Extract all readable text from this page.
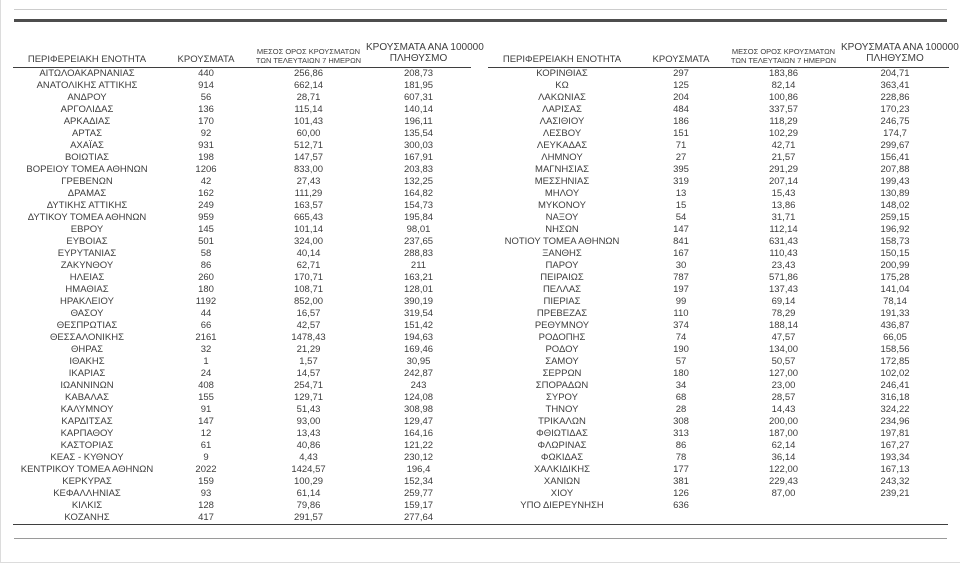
ΠΕΡΙΦΕΡΕΙΑΚΗ ΕΝΟΤΗΤΑ	ΚΡΟΥΣΜΑΤΑ	ΜΕΣΟΣ ΟΡΟΣ ΚΡΟΥΣΜΑΤΩΝ
ΤΩΝ ΤΕΛΕΥΤΑΙΩΝ 7 ΗΜΕΡΩΝ	ΚΡΟΥΣΜΑΤΑ ΑΝΑ 100000
ΠΛΗΘΥΣΜΟ

ΑΙΤΩΛΟΑΚΑΡΝΑΝΙΑΣ	440	256,86	208,73
ΑΝΑΤΟΛΙΚΗΣ ΑΤΤΙΚΗΣ	914	662,14	181,95
ΑΝΔΡΟΥ	56	28,71	607,31
ΑΡΓΟΛΙΔΑΣ	136	115,14	140,14
ΑΡΚΑΔΙΑΣ	170	101,43	196,11
ΑΡΤΑΣ	92	60,00	135,54
ΑΧΑΪΑΣ	931	512,71	300,03
ΒΟΙΩΤΙΑΣ	198	147,57	167,91
ΒΟΡΕΙΟΥ ΤΟΜΕΑ ΑΘΗΝΩΝ	1206	833,00	203,83
ΓΡΕΒΕΝΩΝ	42	27,43	132,25
ΔΡΑΜΑΣ	162	111,29	164,82
ΔΥΤΙΚΗΣ ΑΤΤΙΚΗΣ	249	163,57	154,73
ΔΥΤΙΚΟΥ ΤΟΜΕΑ ΑΘΗΝΩΝ	959	665,43	195,84
ΕΒΡΟΥ	145	101,14	98,01
ΕΥΒΟΙΑΣ	501	324,00	237,65
ΕΥΡΥΤΑΝΙΑΣ	58	40,14	288,83
ΖΑΚΥΝΘΟΥ	86	62,71	211
ΗΛΕΙΑΣ	260	170,71	163,21
ΗΜΑΘΙΑΣ	180	108,71	128,01
ΗΡΑΚΛΕΙΟΥ	1192	852,00	390,19
ΘΑΣΟΥ	44	16,57	319,54
ΘΕΣΠΡΩΤΙΑΣ	66	42,57	151,42
ΘΕΣΣΑΛΟΝΙΚΗΣ	2161	1478,43	194,63
ΘΗΡΑΣ	32	21,29	169,46
ΙΘΑΚΗΣ	1	1,57	30,95
ΙΚΑΡΙΑΣ	24	14,57	242,87
ΙΩΑΝΝΙΝΩΝ	408	254,71	243
ΚΑΒΑΛΑΣ	155	129,71	124,08
ΚΑΛΥΜΝΟΥ	91	51,43	308,98
ΚΑΡΔΙΤΣΑΣ	147	93,00	129,47
ΚΑΡΠΑΘΟΥ	12	13,43	164,16
ΚΑΣΤΟΡΙΑΣ	61	40,86	121,22
ΚΕΑΣ - ΚΥΘΝΟΥ	9	4,43	230,12
ΚΕΝΤΡΙΚΟΥ ΤΟΜΕΑ ΑΘΗΝΩΝ	2022	1424,57	196,4
ΚΕΡΚΥΡΑΣ	159	100,29	152,34
ΚΕΦΑΛΛΗΝΙΑΣ	93	61,14	259,77
ΚΙΛΚΙΣ	128	79,86	159,17
ΚΟΖΑΝΗΣ	417	291,57	277,64
ΠΕΡΙΦΕΡΕΙΑΚΗ ΕΝΟΤΗΤΑ	ΚΡΟΥΣΜΑΤΑ	ΜΕΣΟΣ ΟΡΟΣ ΚΡΟΥΣΜΑΤΩΝ
ΤΩΝ ΤΕΛΕΥΤΑΙΩΝ 7 ΗΜΕΡΩΝ	ΚΡΟΥΣΜΑΤΑ ΑΝΑ 100000
ΠΛΗΘΥΣΜΟ

ΚΟΡΙΝΘΙΑΣ	297	183,86	204,71
ΚΩ	125	82,14	363,41
ΛΑΚΩΝΙΑΣ	204	100,86	228,86
ΛΑΡΙΣΑΣ	484	337,57	170,23
ΛΑΣΙΘΙΟΥ	186	118,29	246,75
ΛΕΣΒΟΥ	151	102,29	174,7
ΛΕΥΚΑΔΑΣ	71	42,71	299,67
ΛΗΜΝΟΥ	27	21,57	156,41
ΜΑΓΝΗΣΙΑΣ	395	291,29	207,88
ΜΕΣΣΗΝΙΑΣ	319	207,14	199,43
ΜΗΛΟΥ	13	15,43	130,89
ΜΥΚΟΝΟΥ	15	13,86	148,02
ΝΑΞΟΥ	54	31,71	259,15
ΝΗΣΩΝ	147	112,14	196,92
ΝΟΤΙΟΥ ΤΟΜΕΑ ΑΘΗΝΩΝ	841	631,43	158,73
ΞΑΝΘΗΣ	167	110,43	150,15
ΠΑΡΟΥ	30	23,43	200,99
ΠΕΙΡΑΙΩΣ	787	571,86	175,28
ΠΕΛΛΑΣ	197	137,43	141,04
ΠΙΕΡΙΑΣ	99	69,14	78,14
ΠΡΕΒΕΖΑΣ	110	78,29	191,33
ΡΕΘΥΜΝΟΥ	374	188,14	436,87
ΡΟΔΟΠΗΣ	74	47,57	66,05
ΡΟΔΟΥ	190	134,00	158,56
ΣΑΜΟΥ	57	50,57	172,85
ΣΕΡΡΩΝ	180	127,00	102,02
ΣΠΟΡΑΔΩΝ	34	23,00	246,41
ΣΥΡΟΥ	68	28,57	316,18
ΤΗΝΟΥ	28	14,43	324,22
ΤΡΙΚΑΛΩΝ	308	200,00	234,96
ΦΘΙΩΤΙΔΑΣ	313	187,00	197,81
ΦΛΩΡΙΝΑΣ	86	62,14	167,27
ΦΩΚΙΔΑΣ	78	36,14	193,34
ΧΑΛΚΙΔΙΚΗΣ	177	122,00	167,13
ΧΑΝΙΩΝ	381	229,43	243,32
ΧΙΟΥ	126	87,00	239,21
ΥΠΟ ΔΙΕΡΕΥΝΗΣΗ	636		
